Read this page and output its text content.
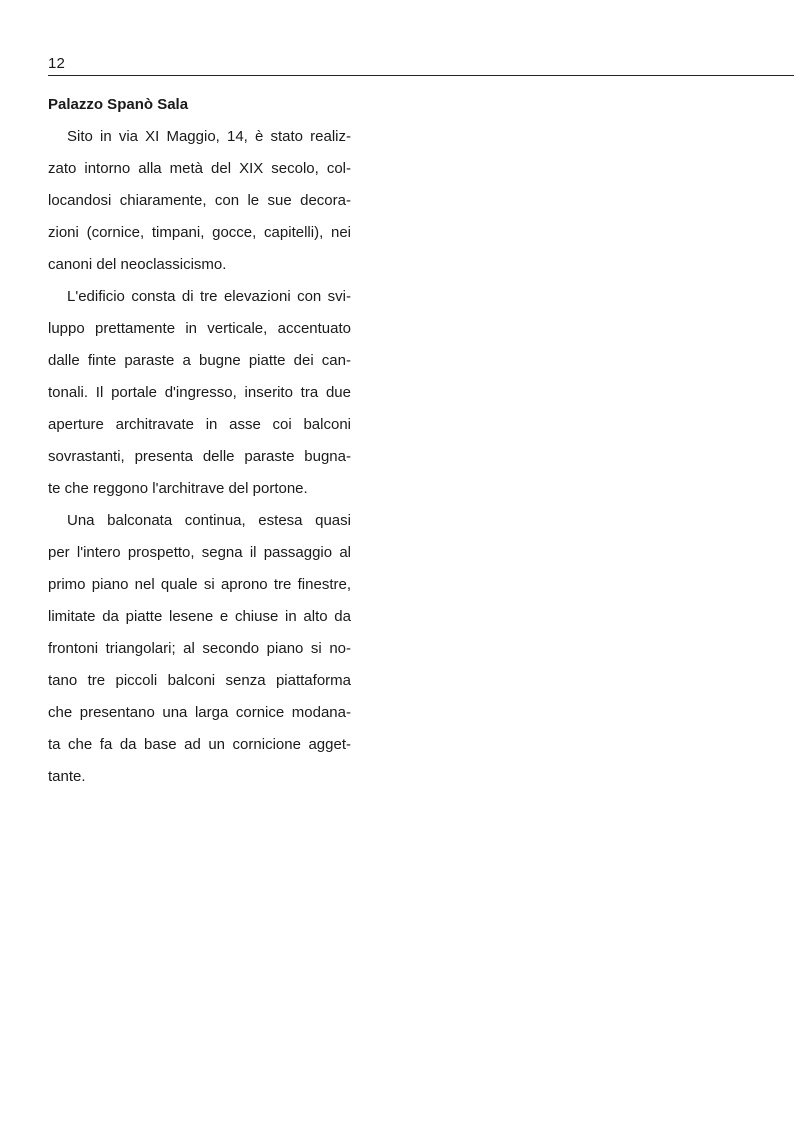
12
Palazzo Spanò Sala
Sito in via XI Maggio, 14, è stato realiz-
zato intorno alla metà del XIX secolo, col-
locandosi chiaramente, con le sue decora-
zioni (cornice, timpani, gocce, capitelli), nei
canoni del neoclassicismo.
L'edificio consta di tre elevazioni con svi-
luppo prettamente in verticale, accentuato
dalle finte paraste a bugne piatte dei can-
tonali. Il portale d'ingresso, inserito tra due
aperture architravate in asse coi balconi
sovrastanti, presenta delle paraste bugna-
te che reggono l'architrave del portone.
Una balconata continua, estesa quasi
per l'intero prospetto, segna il passaggio al
primo piano nel quale si aprono tre finestre,
limitate da piatte lesene e chiuse in alto da
frontoni triangolari; al secondo piano si no-
tano tre piccoli balconi senza piattaforma
che presentano una larga cornice modana-
ta che fa da base ad un cornicione agget-
tante.
